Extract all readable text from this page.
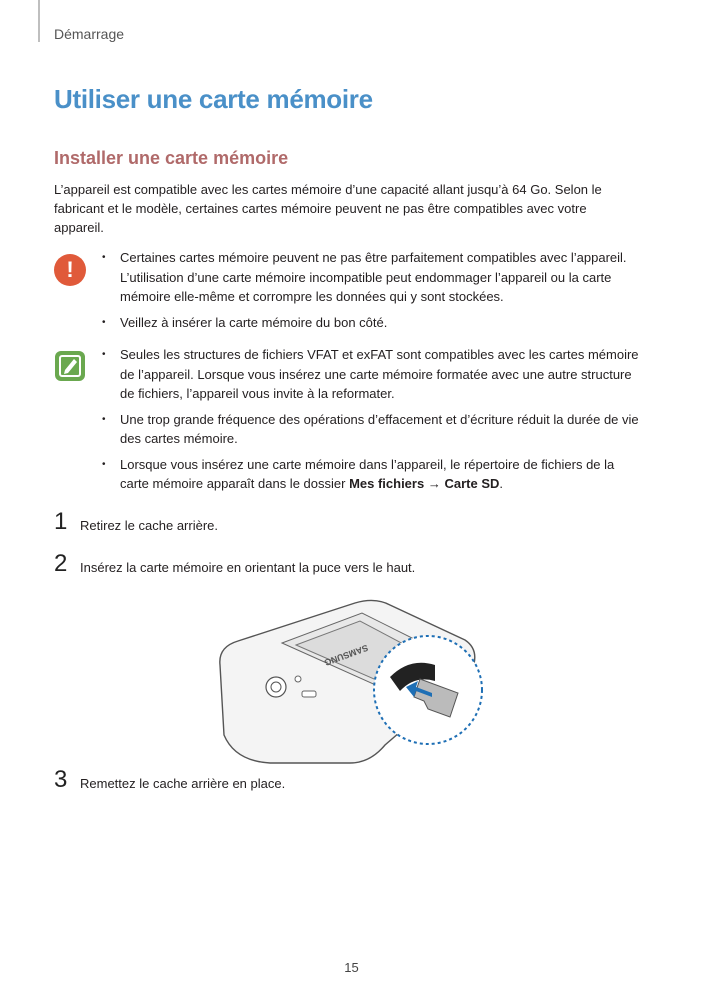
Démarrage
Utiliser une carte mémoire
Installer une carte mémoire
L’appareil est compatible avec les cartes mémoire d’une capacité allant jusqu’à 64 Go. Selon le fabricant et le modèle, certaines cartes mémoire peuvent ne pas être compatibles avec votre appareil.
!
•	Certaines cartes mémoire peuvent ne pas être parfaitement compatibles avec l’appareil. L’utilisation d’une carte mémoire incompatible peut endommager l’appareil ou la carte mémoire elle-même et corrompre les données qui y sont stockées.
• Veillez à insérer la carte mémoire du bon côté.
• Seules les structures de fichiers VFAT et exFAT sont compatibles avec les cartes mémoire de l’appareil. Lorsque vous insérez une carte mémoire formatée avec une autre structure de fichiers, l’appareil vous invite à la reformater.
• Une trop grande fréquence des opérations d’effacement et d’écriture réduit la durée de vie des cartes mémoire.
• Lorsque vous insérez une carte mémoire dans l’appareil, le répertoire de fichiers de la carte mémoire apparaît dans le dossier Mes fichiers → Carte SD.
1 Retirez le cache arrière.
2 Insérez la carte mémoire en orientant la puce vers le haut.
SAMSUNG
3 Remettez le cache arrière en place.
15
